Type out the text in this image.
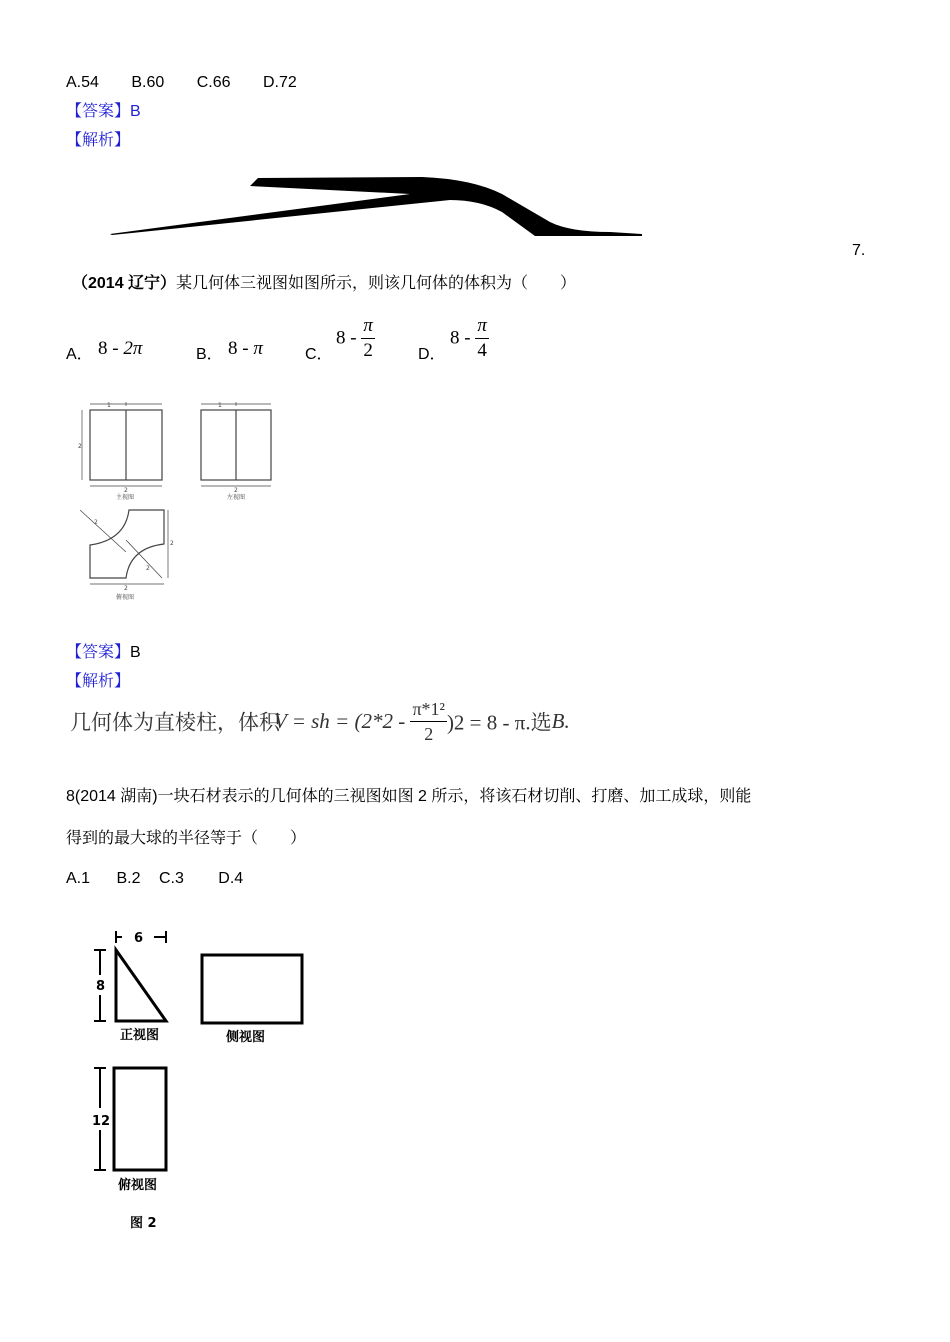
A.54 B.60 C.66 D.72
【答案】B
【解析】
7.
（2014 辽宁）某几何体三视图如图所示，则该几何体的体积为（　　）
A． 8 - 2π	B． 8 - π	C．
$8 - \frac{\pi}{2}$	D．
$8 - \frac{\pi}{4}$
1	1
2
2	2
2
2
2
2
主视图	左视图
俯视图
【答案】B
【解析】
几何体为直棱柱，体积V = sh = $(2*2 - \frac{\text{π*1²}}{2} )2 = 8 - \pi$.选B.
8(2014 湖南)一块石材表示的几何体的三视图如图 2 所示，将该石材切削、打磨、加工成球，则能
得到的最大球的半径等于（　　）
A.1 B.2 C.3 D.4
6
8
12
正视图	侧视图
俯视图
图 2
